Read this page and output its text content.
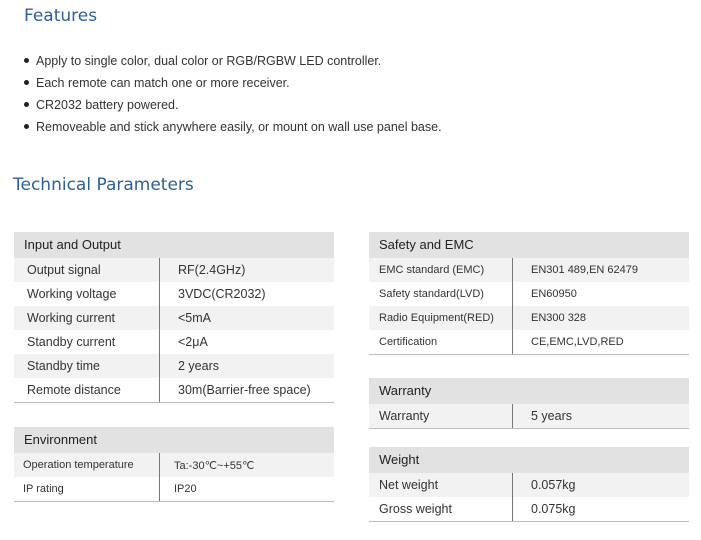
Features
Apply to single color, dual color or RGB/RGBW LED controller.
Each remote can match one or more receiver.
CR2032 battery powered.
Removeable and stick anywhere easily, or mount on wall use panel base.
Technical Parameters
Input and Output
Output signal	RF(2.4GHz)
Working voltage	3VDC(CR2032)
Working current	<5mA
Standby current	<2μA
Standby time	2 years
Remote distance	30m(Barrier-free space)
Environment
Operation temperature	Ta:-30℃~+55℃
IP rating	IP20
Safety and EMC
EMC standard (EMC)	EN301 489,EN 62479
Safety standard(LVD)	EN60950
Radio Equipment(RED)	EN300 328
Certification	CE,EMC,LVD,RED
Warranty
Warranty	5 years
Weight
Net weight	0.057kg
Gross weight	0.075kg
